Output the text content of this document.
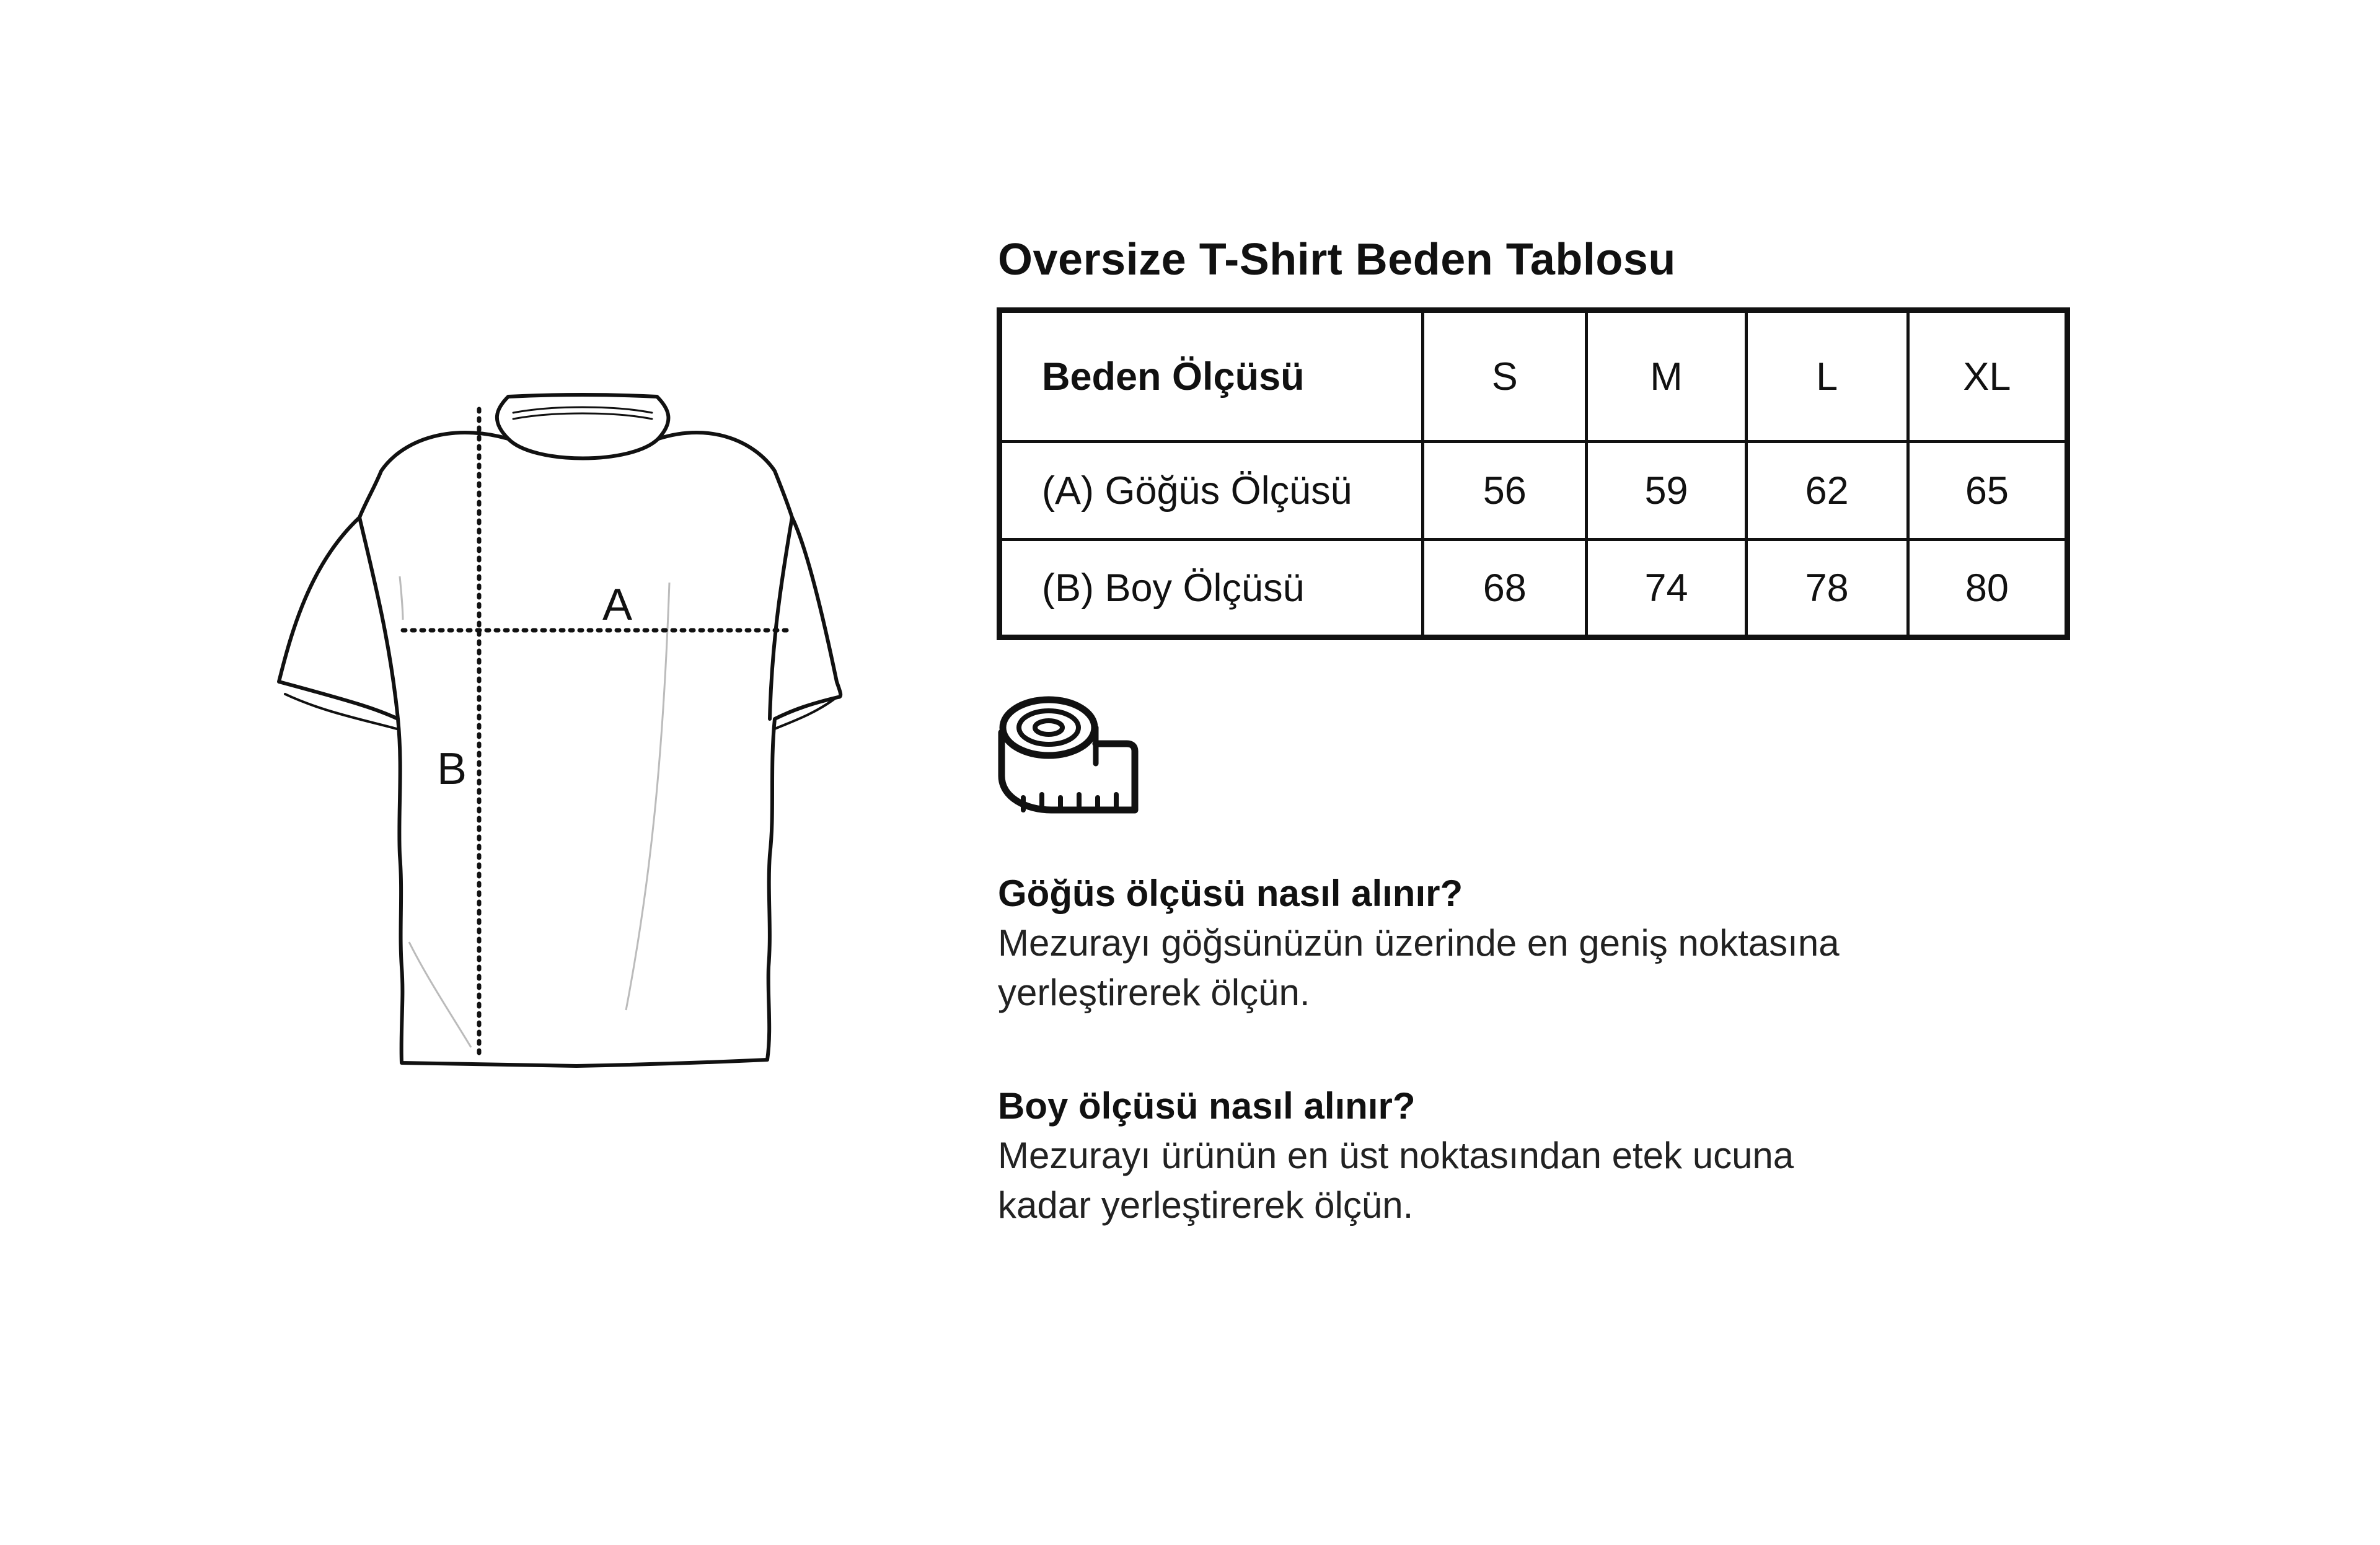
A
B
Oversize T-Shirt Beden Tablosu
Beden Ölçüsü	S	M	L	XL
(A) Göğüs Ölçüsü	56	59	62	65
(B) Boy Ölçüsü	68	74	78	80
Göğüs ölçüsü nasıl alınır?
Mezurayı göğsünüzün üzerinde en geniş noktasına
yerleştirerek ölçün.
Boy ölçüsü nasıl alınır?
Mezurayı ürünün en üst noktasından etek ucuna
kadar yerleştirerek ölçün.
